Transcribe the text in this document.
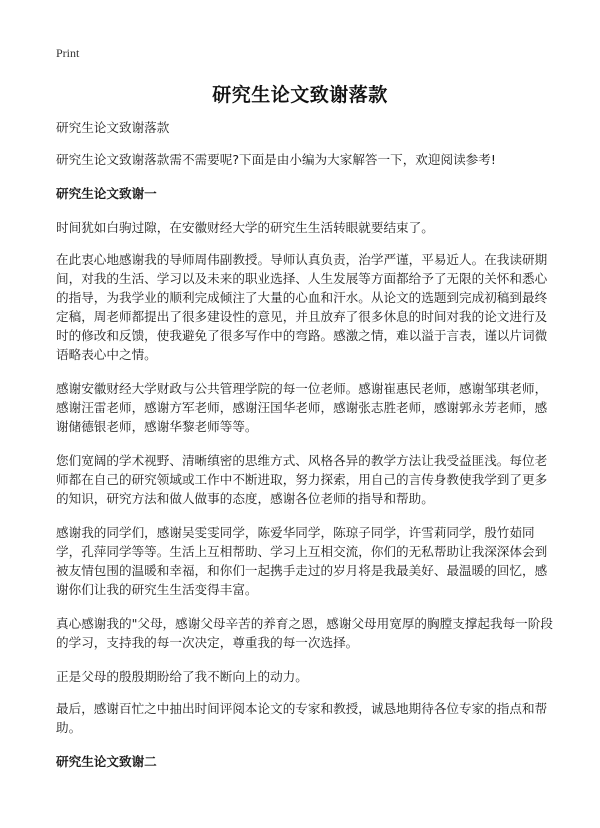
Print
研究生论文致谢落款

研究生论文致谢落款

研究生论文致谢落款需不需要呢?下面是由小编为大家解答一下，欢迎阅读参考!

研究生论文致谢一

时间犹如白驹过隙，在安徽财经大学的研究生生活转眼就要结束了。

在此衷心地感谢我的导师周伟副教授。导师认真负责，治学严谨，平易近人。在我读研期间，对我的生活、学习以及未来的职业选择、人生发展等方面都给予了无限的关怀和悉心的指导，为我学业的顺利完成倾注了大量的心血和汗水。从论文的选题到完成初稿到最终定稿，周老师都提出了很多建设性的意见，并且放弃了很多休息的时间对我的论文进行及时的修改和反馈，使我避免了很多写作中的弯路。感激之情，难以溢于言表，谨以片词微语略表心中之情。

感谢安徽财经大学财政与公共管理学院的每一位老师。感谢崔惠民老师，感谢邹琪老师，感谢汪雷老师，感谢方军老师，感谢汪国华老师，感谢张志胜老师，感谢郭永芳老师，感谢储德银老师，感谢华黎老师等等。

您们宽阔的学术视野、清晰缜密的思维方式、风格各异的教学方法让我受益匪浅。每位老师都在自己的研究领域或工作中不断进取，努力探索，用自己的言传身教使我学到了更多的知识，研究方法和做人做事的态度，感谢各位老师的指导和帮助。

感谢我的同学们，感谢吴雯雯同学，陈爱华同学，陈琼子同学，许雪莉同学，殷竹茹同学，孔萍同学等等。生活上互相帮助、学习上互相交流，你们的无私帮助让我深深体会到被友情包围的温暖和幸福，和你们一起携手走过的岁月将是我最美好、最温暖的回忆，感谢你们让我的研究生生活变得丰富。

真心感谢我的"父母，感谢父母辛苦的养育之恩，感谢父母用宽厚的胸膛支撑起我每一阶段的学习，支持我的每一次决定，尊重我的每一次选择。

正是父母的殷殷期盼给了我不断向上的动力。

最后，感谢百忙之中抽出时间评阅本论文的专家和教授，诚恳地期待各位专家的指点和帮助。

研究生论文致谢二
